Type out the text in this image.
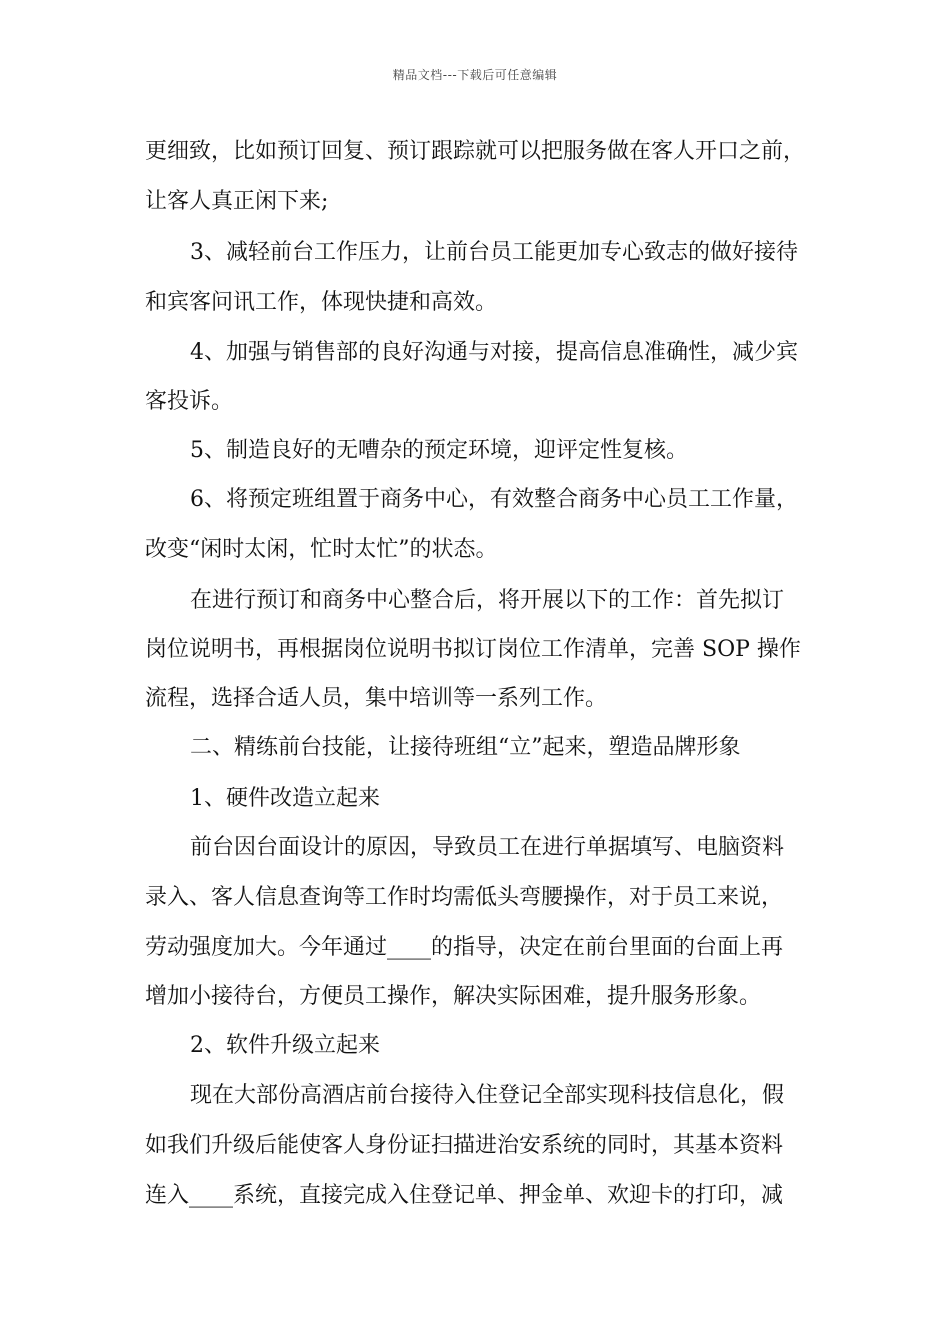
精品文档---下载后可任意编辑
更细致，比如预订回复、预订跟踪就可以把服务做在客人开口之前，
让客人真正闲下来;
3、减轻前台工作压力，让前台员工能更加专心致志的做好接待
和宾客问讯工作，体现快捷和高效。
4、加强与销售部的良好沟通与对接，提高信息准确性，减少宾
客投诉。
5、制造良好的无嘈杂的预定环境，迎评定性复核。
6、将预定班组置于商务中心，有效整合商务中心员工工作量，
改变“闲时太闲，忙时太忙”的状态。
在进行预订和商务中心整合后，将开展以下的工作：首先拟订
岗位说明书，再根据岗位说明书拟订岗位工作清单，完善 SOP 操作
流程，选择合适人员，集中培训等一系列工作。
二、精练前台技能，让接待班组“立”起来，塑造品牌形象
1、硬件改造立起来
前台因台面设计的原因，导致员工在进行单据填写、电脑资料
录入、客人信息查询等工作时均需低头弯腰操作，对于员工来说，
劳动强度加大。今年通过____的指导，决定在前台里面的台面上再
增加小接待台，方便员工操作，解决实际困难，提升服务形象。
2、软件升级立起来
现在大部份高酒店前台接待入住登记全部实现科技信息化，假
如我们升级后能使客人身份证扫描进治安系统的同时，其基本资料
连入____系统，直接完成入住登记单、押金单、欢迎卡的打印，减
